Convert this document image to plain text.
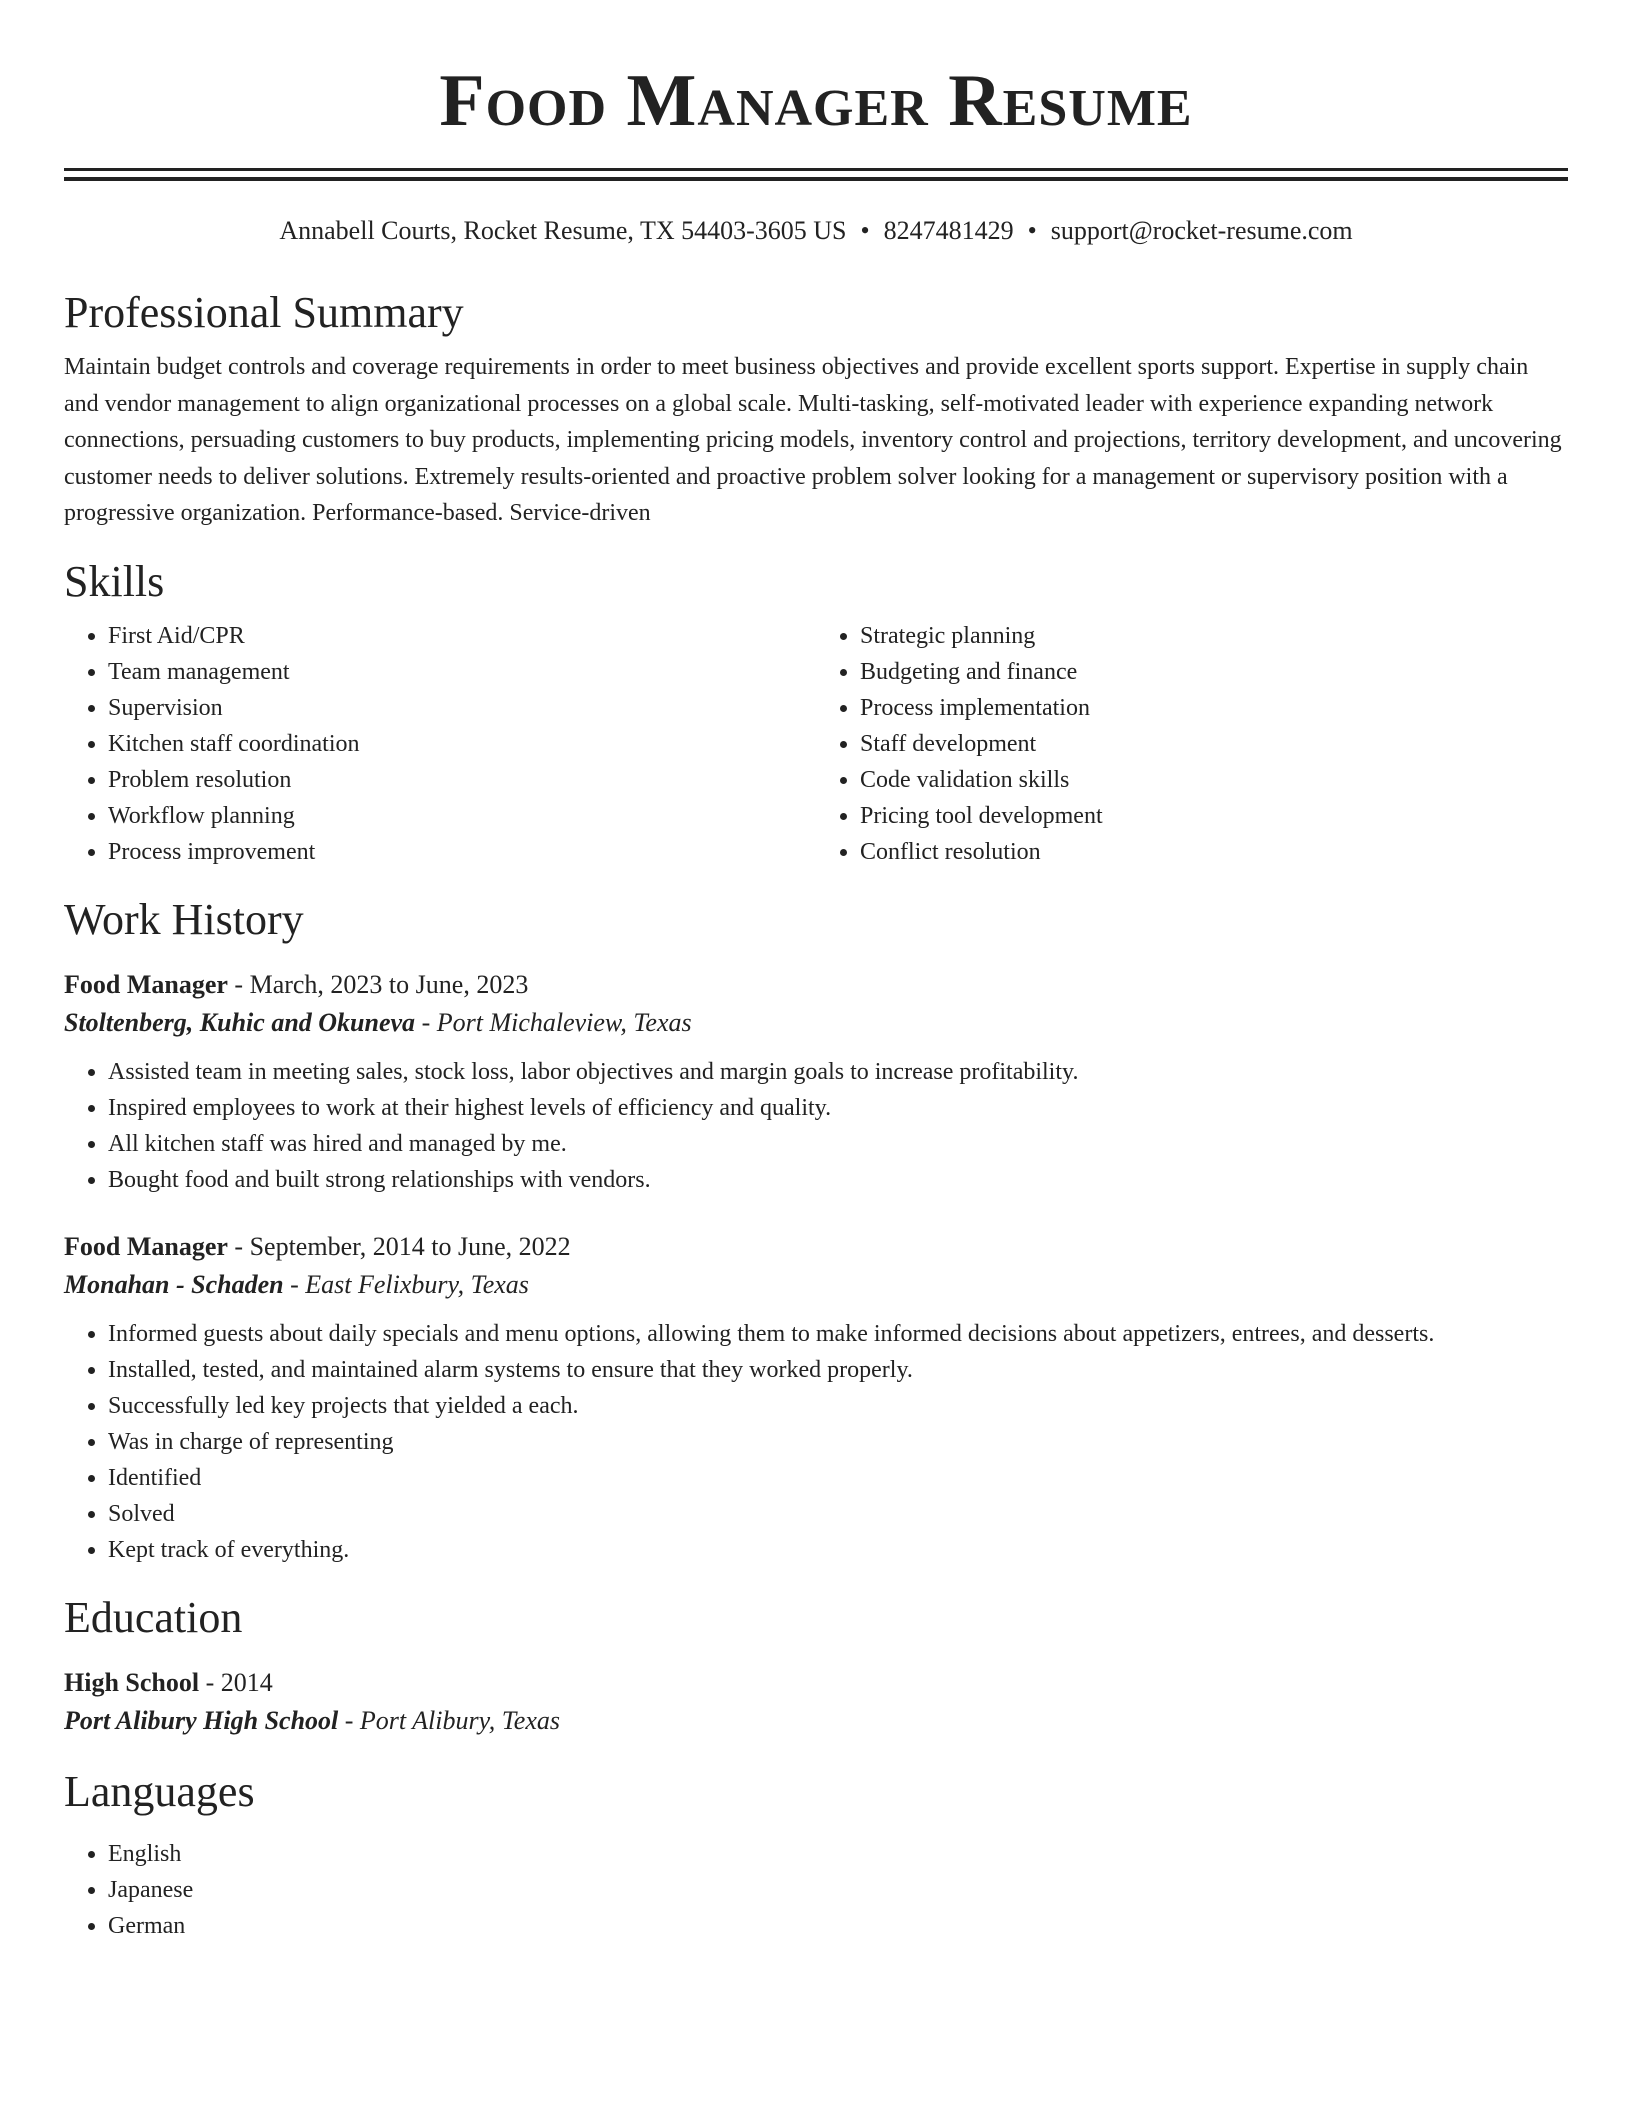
Food Manager Resume
Annabell Courts, Rocket Resume, TX 54403-3605 US • 8247481429 • support@rocket-resume.com
Professional Summary

Maintain budget controls and coverage requirements in order to meet business objectives and provide excellent sports support. Expertise in supply chain and vendor management to align organizational processes on a global scale. Multi-tasking, self-motivated leader with experience expanding network connections, persuading customers to buy products, implementing pricing models, inventory control and projections, territory development, and uncovering customer needs to deliver solutions. Extremely results-oriented and proactive problem solver looking for a management or supervisory position with a progressive organization. Performance-based. Service-driven

Skills
• First Aid/CPR
• Team management
• Supervision
• Kitchen staff coordination
• Problem resolution
• Workflow planning
• Process improvement
• Strategic planning
• Budgeting and finance
• Process implementation
• Staff development
• Code validation skills
• Pricing tool development
• Conflict resolution
Work History
Food Manager - March, 2023 to June, 2023
Stoltenberg, Kuhic and Okuneva - Port Michaleview, Texas
• Assisted team in meeting sales, stock loss, labor objectives and margin goals to increase profitability.
• Inspired employees to work at their highest levels of efficiency and quality.
• All kitchen staff was hired and managed by me.
• Bought food and built strong relationships with vendors.
Food Manager - September, 2014 to June, 2022
Monahan - Schaden - East Felixbury, Texas
• Informed guests about daily specials and menu options, allowing them to make informed decisions about appetizers, entrees, and desserts.
• Installed, tested, and maintained alarm systems to ensure that they worked properly.
• Successfully led key projects that yielded a each.
• Was in charge of representing
• Identified
• Solved
• Kept track of everything.
Education
High School - 2014
Port Alibury High School - Port Alibury, Texas
Languages
• English
• Japanese
• German
